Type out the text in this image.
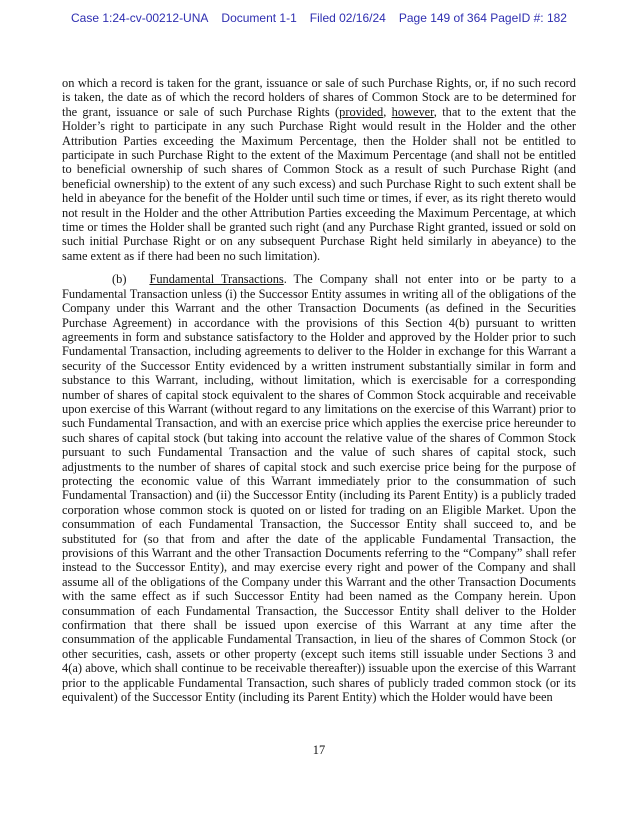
Case 1:24-cv-00212-UNA Document 1-1 Filed 02/16/24 Page 149 of 364 PageID #: 182

on which a record is taken for the grant, issuance or sale of such Purchase Rights, or, if no such record is taken, the date as of which the record holders of shares of Common Stock are to be determined for the grant, issuance or sale of such Purchase Rights (provided, however, that to the extent that the Holder’s right to participate in any such Purchase Right would result in the Holder and the other Attribution Parties exceeding the Maximum Percentage, then the Holder shall not be entitled to participate in such Purchase Right to the extent of the Maximum Percentage (and shall not be entitled to beneficial ownership of such shares of Common Stock as a result of such Purchase Right (and beneficial ownership) to the extent of any such excess) and such Purchase Right to such extent shall be held in abeyance for the benefit of the Holder until such time or times, if ever, as its right thereto would not result in the Holder and the other Attribution Parties exceeding the Maximum Percentage, at which time or times the Holder shall be granted such right (and any Purchase Right granted, issued or sold on such initial Purchase Right or on any subsequent Purchase Right held similarly in abeyance) to the same extent as if there had been no such limitation).

(b) Fundamental Transactions. The Company shall not enter into or be party to a Fundamental Transaction unless (i) the Successor Entity assumes in writing all of the obligations of the Company under this Warrant and the other Transaction Documents (as defined in the Securities Purchase Agreement) in accordance with the provisions of this Section 4(b) pursuant to written agreements in form and substance satisfactory to the Holder and approved by the Holder prior to such Fundamental Transaction, including agreements to deliver to the Holder in exchange for this Warrant a security of the Successor Entity evidenced by a written instrument substantially similar in form and substance to this Warrant, including, without limitation, which is exercisable for a corresponding number of shares of capital stock equivalent to the shares of Common Stock acquirable and receivable upon exercise of this Warrant (without regard to any limitations on the exercise of this Warrant) prior to such Fundamental Transaction, and with an exercise price which applies the exercise price hereunder to such shares of capital stock (but taking into account the relative value of the shares of Common Stock pursuant to such Fundamental Transaction and the value of such shares of capital stock, such adjustments to the number of shares of capital stock and such exercise price being for the purpose of protecting the economic value of this Warrant immediately prior to the consummation of such Fundamental Transaction) and (ii) the Successor Entity (including its Parent Entity) is a publicly traded corporation whose common stock is quoted on or listed for trading on an Eligible Market. Upon the consummation of each Fundamental Transaction, the Successor Entity shall succeed to, and be substituted for (so that from and after the date of the applicable Fundamental Transaction, the provisions of this Warrant and the other Transaction Documents referring to the “Company” shall refer instead to the Successor Entity), and may exercise every right and power of the Company and shall assume all of the obligations of the Company under this Warrant and the other Transaction Documents with the same effect as if such Successor Entity had been named as the Company herein. Upon consummation of each Fundamental Transaction, the Successor Entity shall deliver to the Holder confirmation that there shall be issued upon exercise of this Warrant at any time after the consummation of the applicable Fundamental Transaction, in lieu of the shares of Common Stock (or other securities, cash, assets or other property (except such items still issuable under Sections 3 and 4(a) above, which shall continue to be receivable thereafter)) issuable upon the exercise of this Warrant prior to the applicable Fundamental Transaction, such shares of publicly traded common stock (or its equivalent) of the Successor Entity (including its Parent Entity) which the Holder would have been

17
